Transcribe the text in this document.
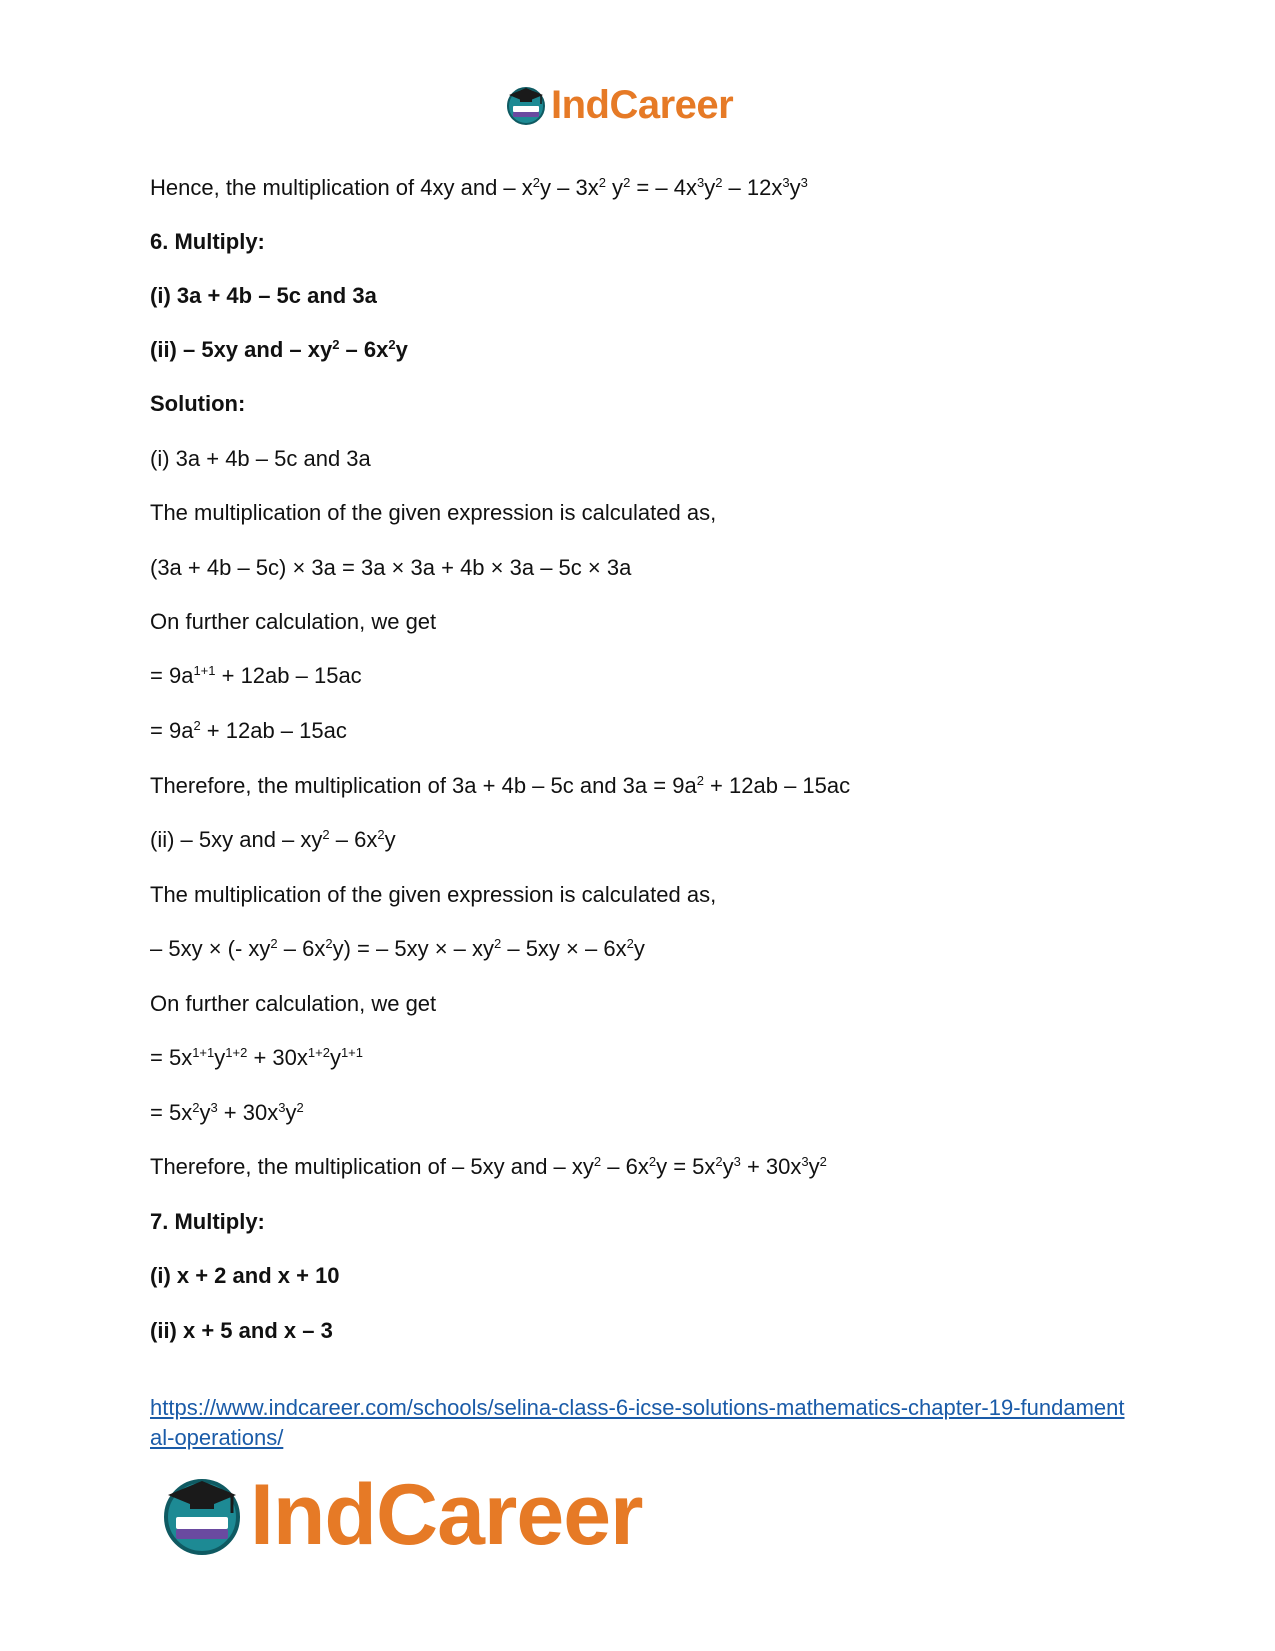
IndCareer
Hence, the multiplication of 4xy and – $x^2y - 3x^2$ $y^2$ = – $4x^3y^2 - 12x^3y^3$
6. Multiply:
(i) 3a + 4b – 5c and 3a
(ii) – 5xy and – $xy^2 - 6x^2y$
Solution:
(i) 3a + 4b – 5c and 3a
The multiplication of the given expression is calculated as,
(3a + 4b – 5c) × 3a = 3a × 3a + 4b × 3a – 5c × 3a
On further calculation, we get
= $9a^{1+1} + 12ab - 15ac$
= $9a^2 + 12ab - 15ac$
Therefore, the multiplication of 3a + 4b – 5c and $3a = 9a^2 + 12ab - 15ac$
(ii) – 5xy and – $xy^2 - 6x^2y$
The multiplication of the given expression is calculated as,
– 5xy × (- $xy^2 - 6x^2y$) = – 5xy × – $xy^2 - 5xy$ × – $6x^2y$
On further calculation, we get
= $5x^{1+1}y^{1+2} + 30x^{1+2}y^{1+1}$
= $5x^2y^3 + 30x^3y^2$
Therefore, the multiplication of – 5xy and – $xy^2 - 6x^2y = 5x^2y^3 + 30x^3y^2$
7. Multiply:
(i) x + 2 and x + 10
(ii) x + 5 and x – 3
https://www.indcareer.com/schools/selina-class-6-icse-solutions-mathematics-chapter-19-fundamental-operations/
IndCareer
